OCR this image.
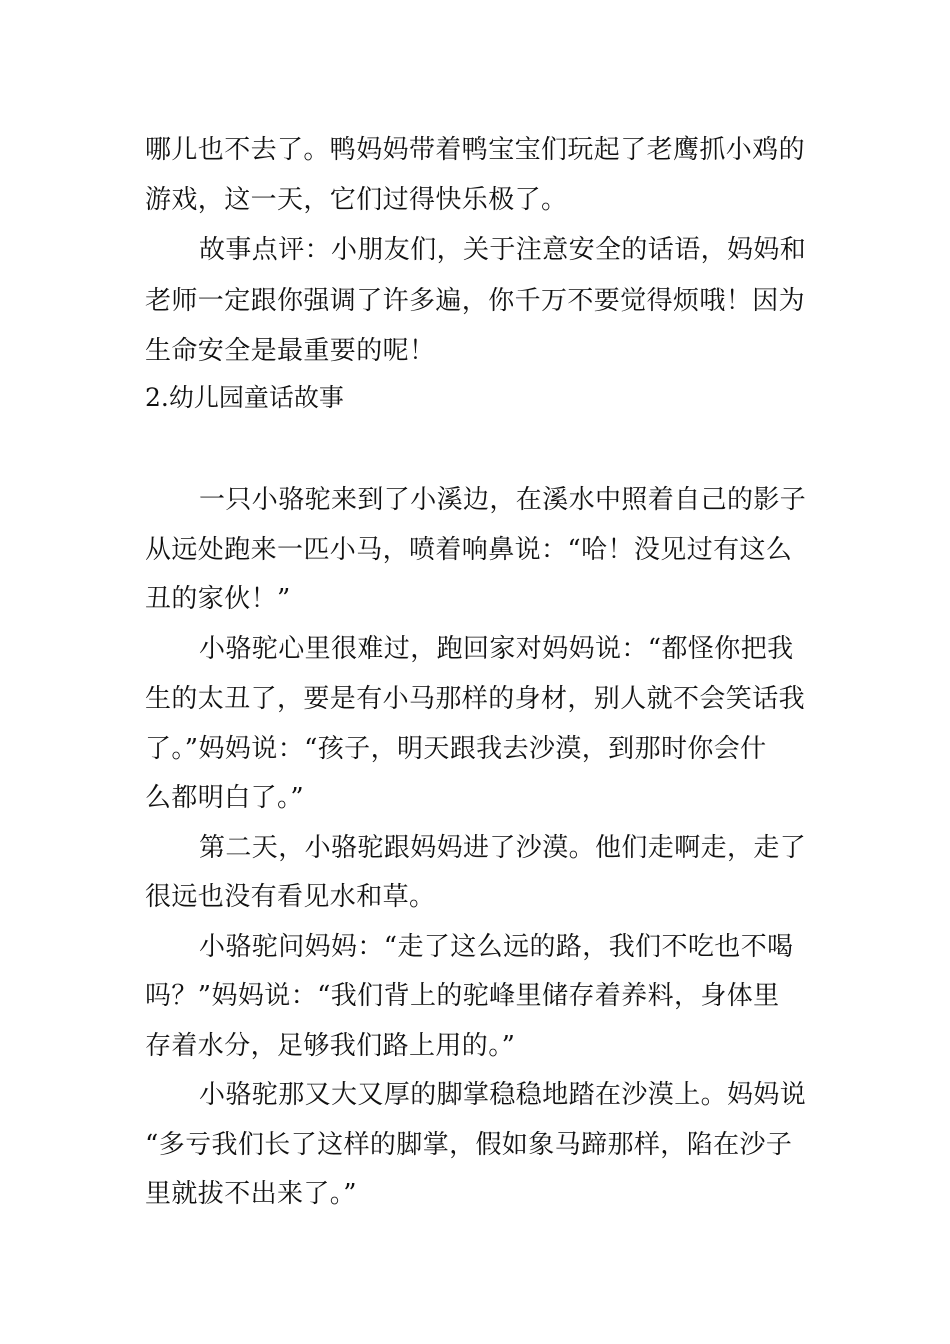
哪儿也不去了。鸭妈妈带着鸭宝宝们玩起了老鹰抓小鸡的
游戏，这一天，它们过得快乐极了。
故事点评：小朋友们，关于注意安全的话语，妈妈和
老师一定跟你强调了许多遍，你千万不要觉得烦哦！因为
生命安全是最重要的呢！
2.幼儿园童话故事
一只小骆驼来到了小溪边，在溪水中照着自己的影子
从远处跑来一匹小马，喷着响鼻说：“哈！没见过有这么
丑的家伙！”
小骆驼心里很难过，跑回家对妈妈说：“都怪你把我
生的太丑了，要是有小马那样的身材，别人就不会笑话我
了。”妈妈说：“孩子，明天跟我去沙漠，到那时你会什
么都明白了。”
第二天，小骆驼跟妈妈进了沙漠。他们走啊走，走了
很远也没有看见水和草。
小骆驼问妈妈：“走了这么远的路，我们不吃也不喝
吗？”妈妈说：“我们背上的驼峰里储存着养料，身体里
存着水分，足够我们路上用的。”
小骆驼那又大又厚的脚掌稳稳地踏在沙漠上。妈妈说
“多亏我们长了这样的脚掌，假如象马蹄那样，陷在沙子
里就拔不出来了。”
